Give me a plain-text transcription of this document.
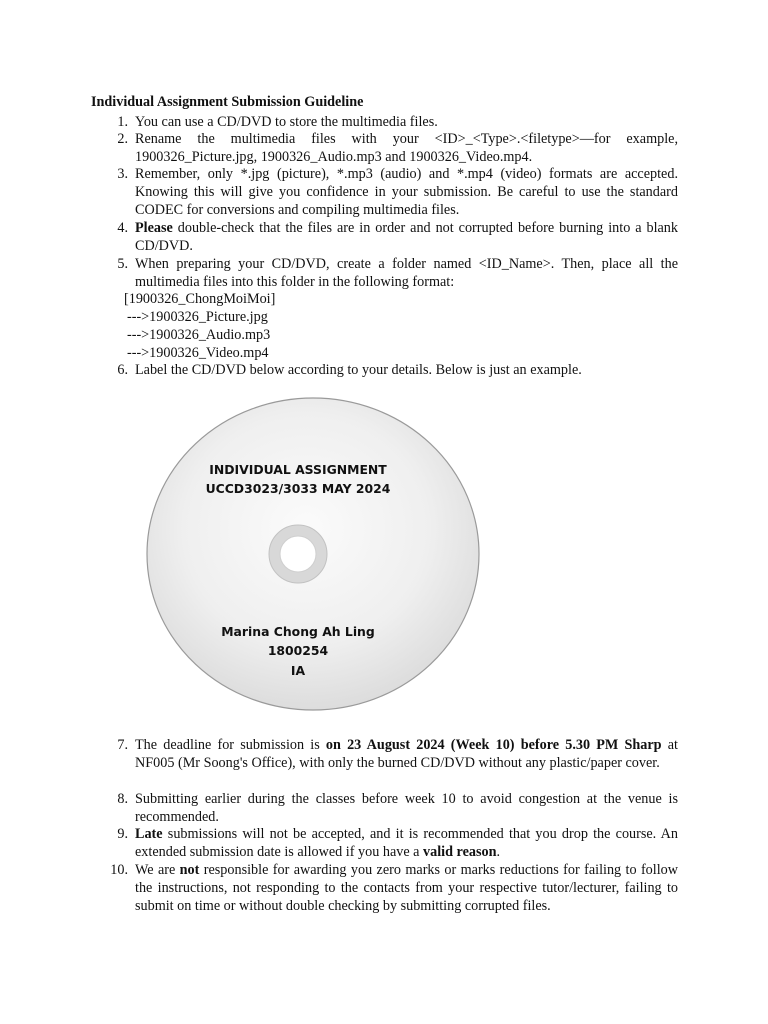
Individual Assignment Submission Guideline
1. You can use a CD/DVD to store the multimedia files.
2. Rename the multimedia files with your <ID>_<Type>.<filetype>—for example, 1900326_Picture.jpg, 1900326_Audio.mp3 and 1900326_Video.mp4.
3. Remember, only *.jpg (picture), *.mp3 (audio) and *.mp4 (video) formats are accepted. Knowing this will give you confidence in your submission. Be careful to use the standard CODEC for conversions and compiling multimedia files.
4. Please double-check that the files are in order and not corrupted before burning into a blank CD/DVD.
5. When preparing your CD/DVD, create a folder named <ID_Name>. Then, place all the multimedia files into this folder in the following format:
[1900326_ChongMoiMoi]
--->1900326_Picture.jpg
--->1900326_Audio.mp3
--->1900326_Video.mp4
6. Label the CD/DVD below according to your details. Below is just an example.
INDIVIDUAL ASSIGNMENT
UCCD3023/3033 MAY 2024
Marina Chong Ah Ling
1800254
IA
7. The deadline for submission is on 23 August 2024 (Week 10) before 5.30 PM Sharp at NF005 (Mr Soong's Office), with only the burned CD/DVD without any plastic/paper cover.
8. Submitting earlier during the classes before week 10 to avoid congestion at the venue is recommended.
9. Late submissions will not be accepted, and it is recommended that you drop the course. An extended submission date is allowed if you have a valid reason.
10. We are not responsible for awarding you zero marks or marks reductions for failing to follow the instructions, not responding to the contacts from your respective tutor/lecturer, failing to submit on time or without double checking by submitting corrupted files.
